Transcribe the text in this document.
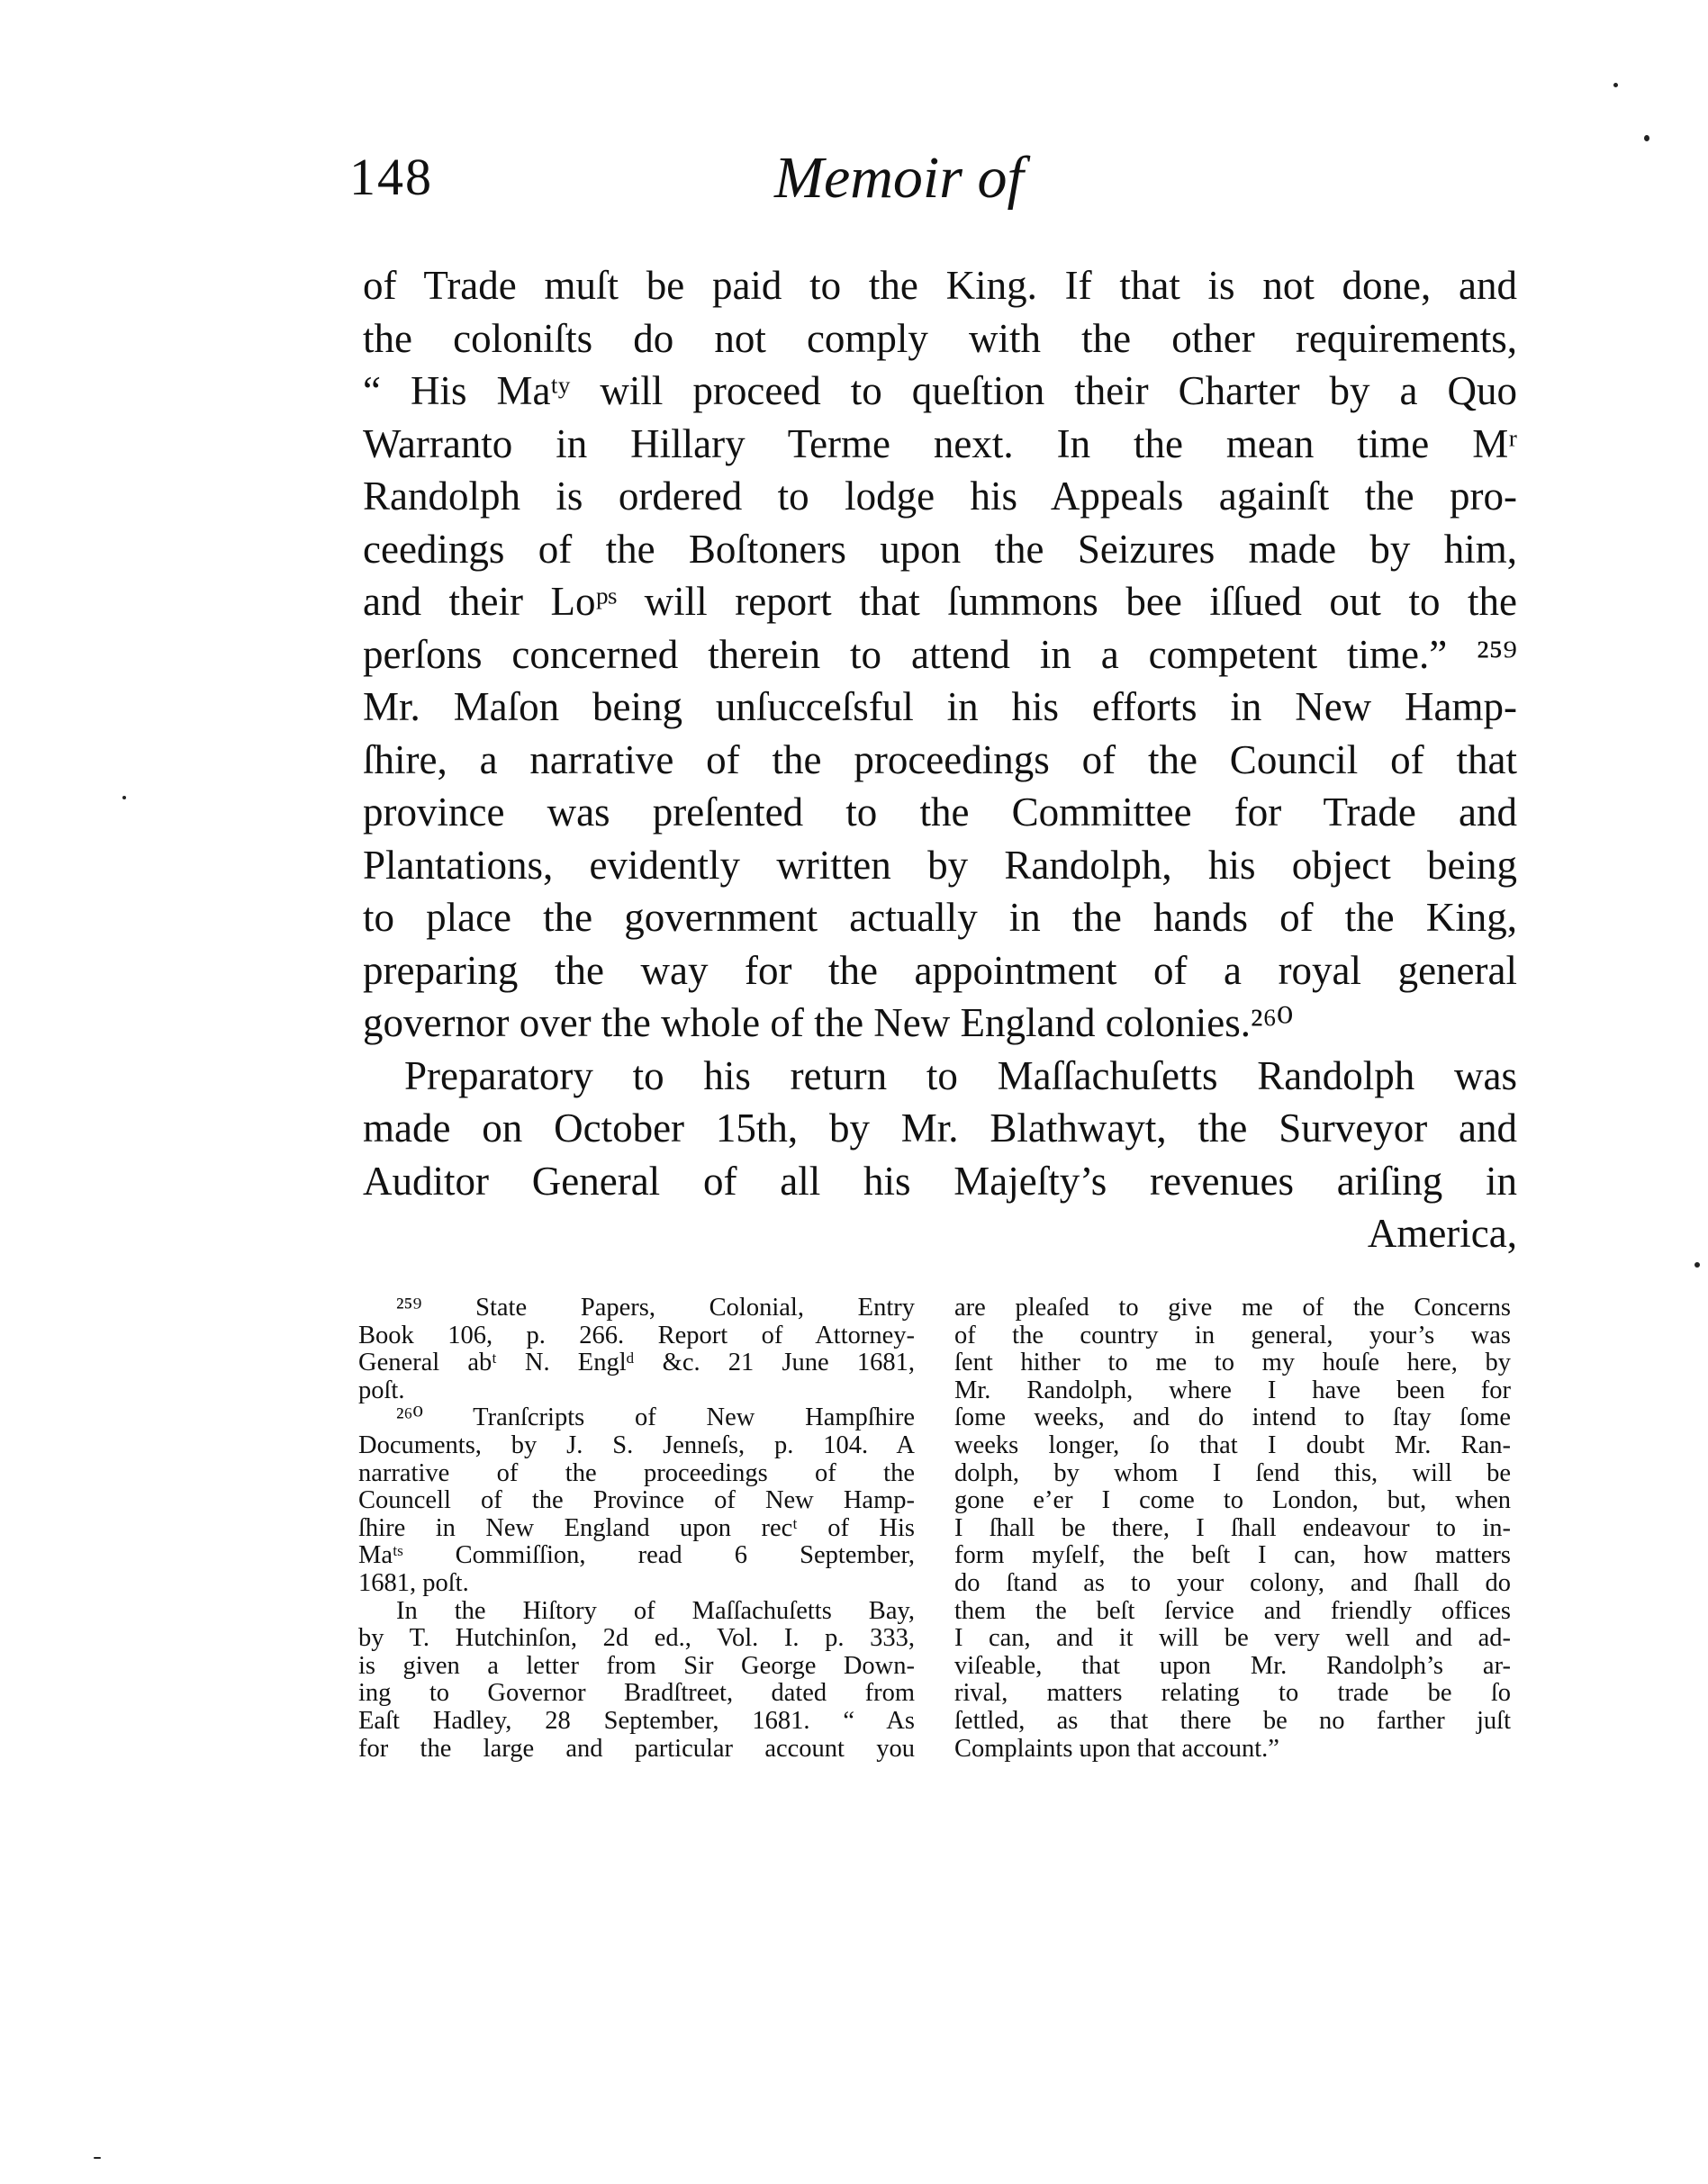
148	Memoir of
of Trade muſt be paid to the King. If that is not done, and
the coloniſts do not comply with the other requirements,
“ His Maᵗʸ will proceed to queſtion their Charter by a Quo
Warranto in Hillary Terme next. In the mean time Mʳ
Randolph is ordered to lodge his Appeals againſt the pro-
ceedings of the Boſtoners upon the Seizures made by him,
and their Loᵖˢ will report that ſummons bee iſſued out to the
perſons concerned therein to attend in a competent time.” ²⁵⁹
Mr. Maſon being unſucceſsful in his efforts in New Hamp-
ſhire, a narrative of the proceedings of the Council of that
province was preſented to the Committee for Trade and
Plantations, evidently written by Randolph, his object being
to place the government actually in the hands of the King,
preparing the way for the appointment of a royal general
governor over the whole of the New England colonies.²⁶⁰
Preparatory to his return to Maſſachuſetts Randolph was
made on October 15th, by Mr. Blathwayt, the Surveyor and
Auditor General of all his Majeſty’s revenues ariſing in
America,
²⁵⁹ State Papers, Colonial, Entry
Book 106, p. 266. Report of Attorney-
General abᵗ N. Englᵈ &c. 21 June 1681,
poſt.
²⁶⁰ Tranſcripts of New Hampſhire
Documents, by J. S. Jenneſs, p. 104. A
narrative of the proceedings of the
Councell of the Province of New Hamp-
ſhire in New England upon recᵗ of His
Maᵗˢ Commiſſion, read 6 September,
1681, poſt.
In the Hiſtory of Maſſachuſetts Bay,
by T. Hutchinſon, 2d ed., Vol. I. p. 333,
is given a letter from Sir George Down-
ing to Governor Bradſtreet, dated from
Eaſt Hadley, 28 September, 1681. “ As
for the large and particular account you
are pleaſed to give me of the Concerns
of the country in general, your’s was
ſent hither to me to my houſe here, by
Mr. Randolph, where I have been for
ſome weeks, and do intend to ſtay ſome
weeks longer, ſo that I doubt Mr. Ran-
dolph, by whom I ſend this, will be
gone e’er I come to London, but, when
I ſhall be there, I ſhall endeavour to in-
form myſelf, the beſt I can, how matters
do ſtand as to your colony, and ſhall do
them the beſt ſervice and friendly offices
I can, and it will be very well and ad-
viſeable, that upon Mr. Randolph’s ar-
rival, matters relating to trade be ſo
ſettled, as that there be no farther juſt
Complaints upon that account.”
